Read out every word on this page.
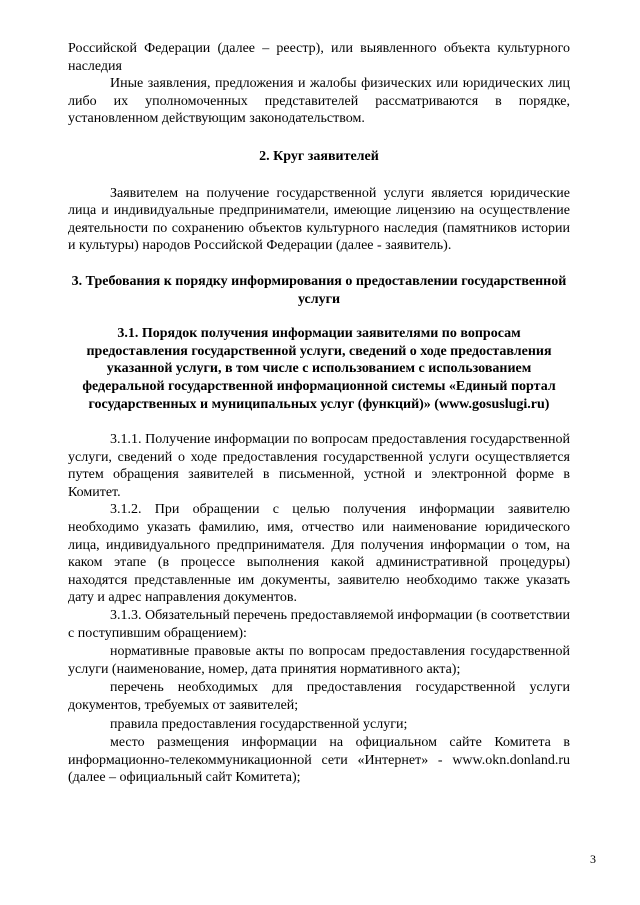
Российской Федерации (далее – реестр), или выявленного объекта культурного наследия

Иные заявления, предложения и жалобы физических или юридических лиц либо их уполномоченных представителей рассматриваются в порядке, установленном действующим законодательством.

2. Круг заявителей

Заявителем на получение государственной услуги является юридические лица и индивидуальные предприниматели, имеющие лицензию на осуществление деятельности по сохранению объектов культурного наследия (памятников истории и культуры) народов Российской Федерации (далее - заявитель).

3. Требования к порядку информирования о предоставлении государственной услуги

3.1. Порядок получения информации заявителями по вопросам предоставления государственной услуги, сведений о ходе предоставления указанной услуги, в том числе с использованием с использованием федеральной государственной информационной системы «Единый портал государственных и муниципальных услуг (функций)» (www.gosuslugi.ru)

3.1.1. Получение информации по вопросам предоставления государственной услуги, сведений о ходе предоставления государственной услуги осуществляется путем обращения заявителей в письменной, устной и электронной форме в Комитет.

3.1.2. При обращении с целью получения информации заявителю необходимо указать фамилию, имя, отчество или наименование юридического лица, индивидуального предпринимателя. Для получения информации о том, на каком этапе (в процессе выполнения какой административной процедуры) находятся представленные им документы, заявителю необходимо также указать дату и адрес направления документов.

3.1.3. Обязательный перечень предоставляемой информации (в соответствии с поступившим обращением):

нормативные правовые акты по вопросам предоставления государственной услуги (наименование, номер, дата принятия нормативного акта);

перечень необходимых для предоставления государственной услуги документов, требуемых от заявителей;

правила предоставления государственной услуги;

место размещения информации на официальном сайте Комитета в информационно-телекоммуникационной сети «Интернет» - www.okn.donland.ru (далее – официальный сайт Комитета);

3
